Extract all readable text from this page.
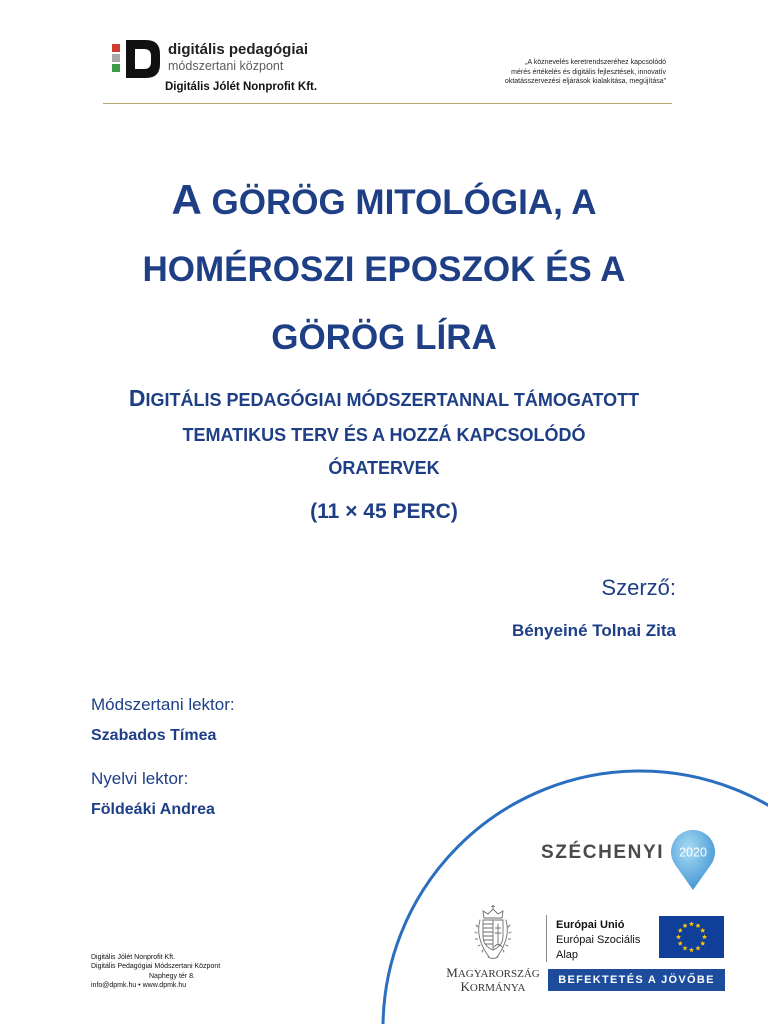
digitális pedagógiai
módszertani központ
Digitális Jólét Nonprofit Kft.
„A köznevelés keretrendszeréhez kapcsolódó
mérés értékelés és digitális fejlesztések, innovatív
oktatásszervezési eljárások kialakítása, megújítása”
A GÖRÖG MITOLÓGIA, A
HOMÉROSZI EPOSZOK ÉS A
GÖRÖG LÍRA
DIGITÁLIS PEDAGÓGIAI MÓDSZERTANNAL TÁMOGATOTT
TEMATIKUS TERV ÉS A HOZZÁ KAPCSOLÓDÓ
ÓRATERVEK
(11 × 45 PERC)
Szerző:
Bényeiné Tolnai Zita
Módszertani lektor:
Szabados Tímea
Nyelvi lektor:
Földeáki Andrea
SZÉCHENYI 2020
MAGYARORSZÁG
KORMÁNYA
Európai Unió
Európai Szociális
Alap
BEFEKTETÉS A JÖVŐBE
Digitális Jólét Nonprofit Kft.
Digitális Pedagógiai Módszertani Központ
Naphegy tér 8.
info@dpmk.hu • www.dpmk.hu
